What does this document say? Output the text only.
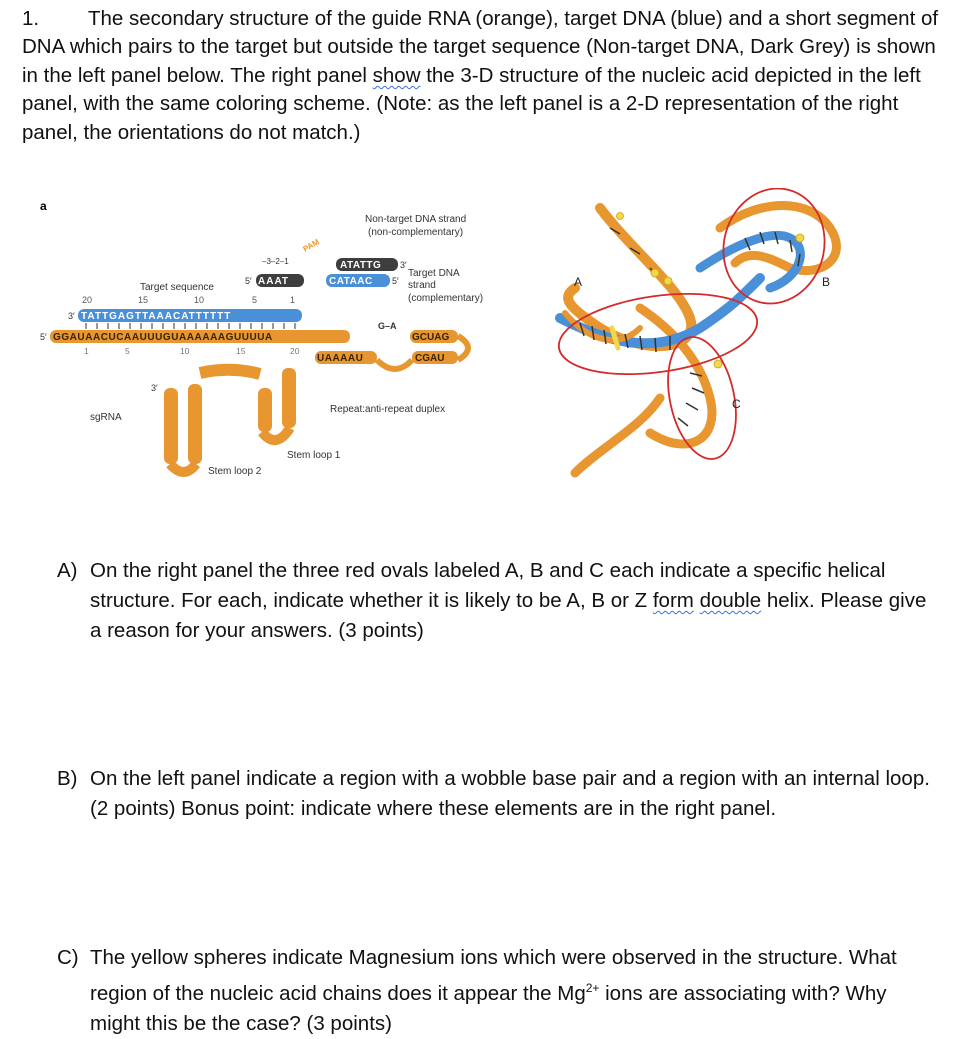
1. The secondary structure of the guide RNA (orange), target DNA (blue) and a short segment of DNA which pairs to the target but outside the target sequence (Non-target DNA, Dark Grey) is shown in the left panel below. The right panel show the 3-D structure of the nucleic acid depicted in the left panel, with the same coloring scheme. (Note: as the left panel is a 2-D representation of the right panel, the orientations do not match.)
a
Non-target DNA strand
(non-complementary)
PAM
–3–2–1	ATATTG 3′
5′ AAAT	CATAAC 5′
Target DNA
strand
(complementary)
Target sequence
20	15	10	5	1
3′ TATTGAGTTAAACATTTTTT
5′ GGAUAACUCAAUUUGUAAAAAAGUUUUA
1	5	10	15	20
G–A
GCUAG
UAAAAU	CGAU
Repeat:anti-repeat duplex
Stem loop 1
3′
Stem loop 2
sgRNA
A	B
C
A) On the right panel the three red ovals labeled A, B and C each indicate a specific helical structure. For each, indicate whether it is likely to be A, B or Z form double helix. Please give a reason for your answers. (3 points)
B) On the left panel indicate a region with a wobble base pair and a region with an internal loop. (2 points) Bonus point: indicate where these elements are in the right panel.
C) The yellow spheres indicate Magnesium ions which were observed in the structure. What region of the nucleic acid chains does it appear the $Mg^{2+}$ ions are associating with? Why might this be the case? (3 points)
